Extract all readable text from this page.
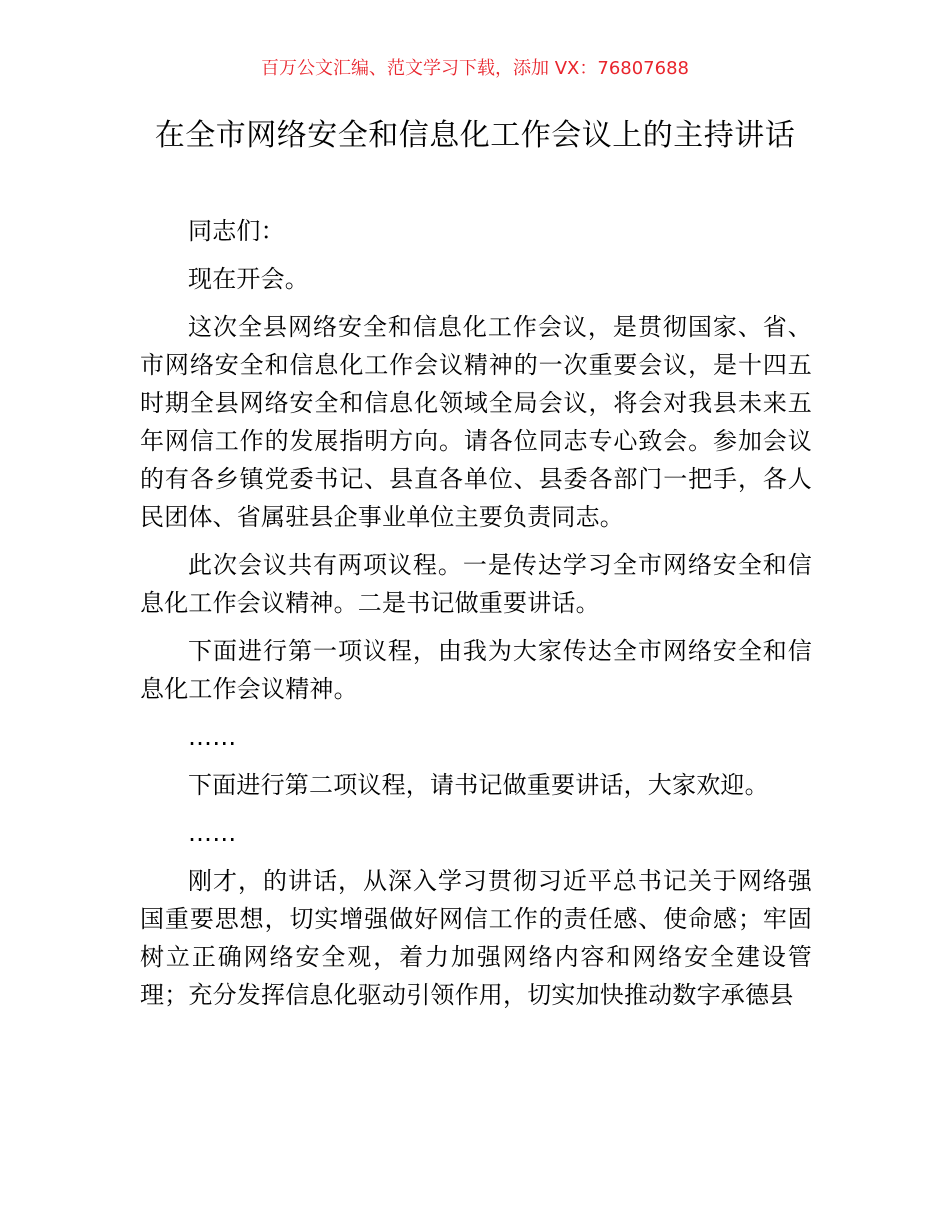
百万公文汇编、范文学习下载，添加 VX：76807688
在全市网络安全和信息化工作会议上的主持讲话

同志们：

现在开会。

这次全县网络安全和信息化工作会议，是贯彻国家、省、市网络安全和信息化工作会议精神的一次重要会议，是十四五时期全县网络安全和信息化领域全局会议，将会对我县未来五年网信工作的发展指明方向。请各位同志专心致会。参加会议的有各乡镇党委书记、县直各单位、县委各部门一把手，各人民团体、省属驻县企事业单位主要负责同志。

此次会议共有两项议程。一是传达学习全市网络安全和信息化工作会议精神。二是书记做重要讲话。

下面进行第一项议程，由我为大家传达全市网络安全和信息化工作会议精神。

……

下面进行第二项议程，请书记做重要讲话，大家欢迎。

……

刚才，的讲话，从深入学习贯彻习近平总书记关于网络强国重要思想，切实增强做好网信工作的责任感、使命感；牢固树立正确网络安全观，着力加强网络内容和网络安全建设管理；充分发挥信息化驱动引领作用，切实加快推动数字承德县
